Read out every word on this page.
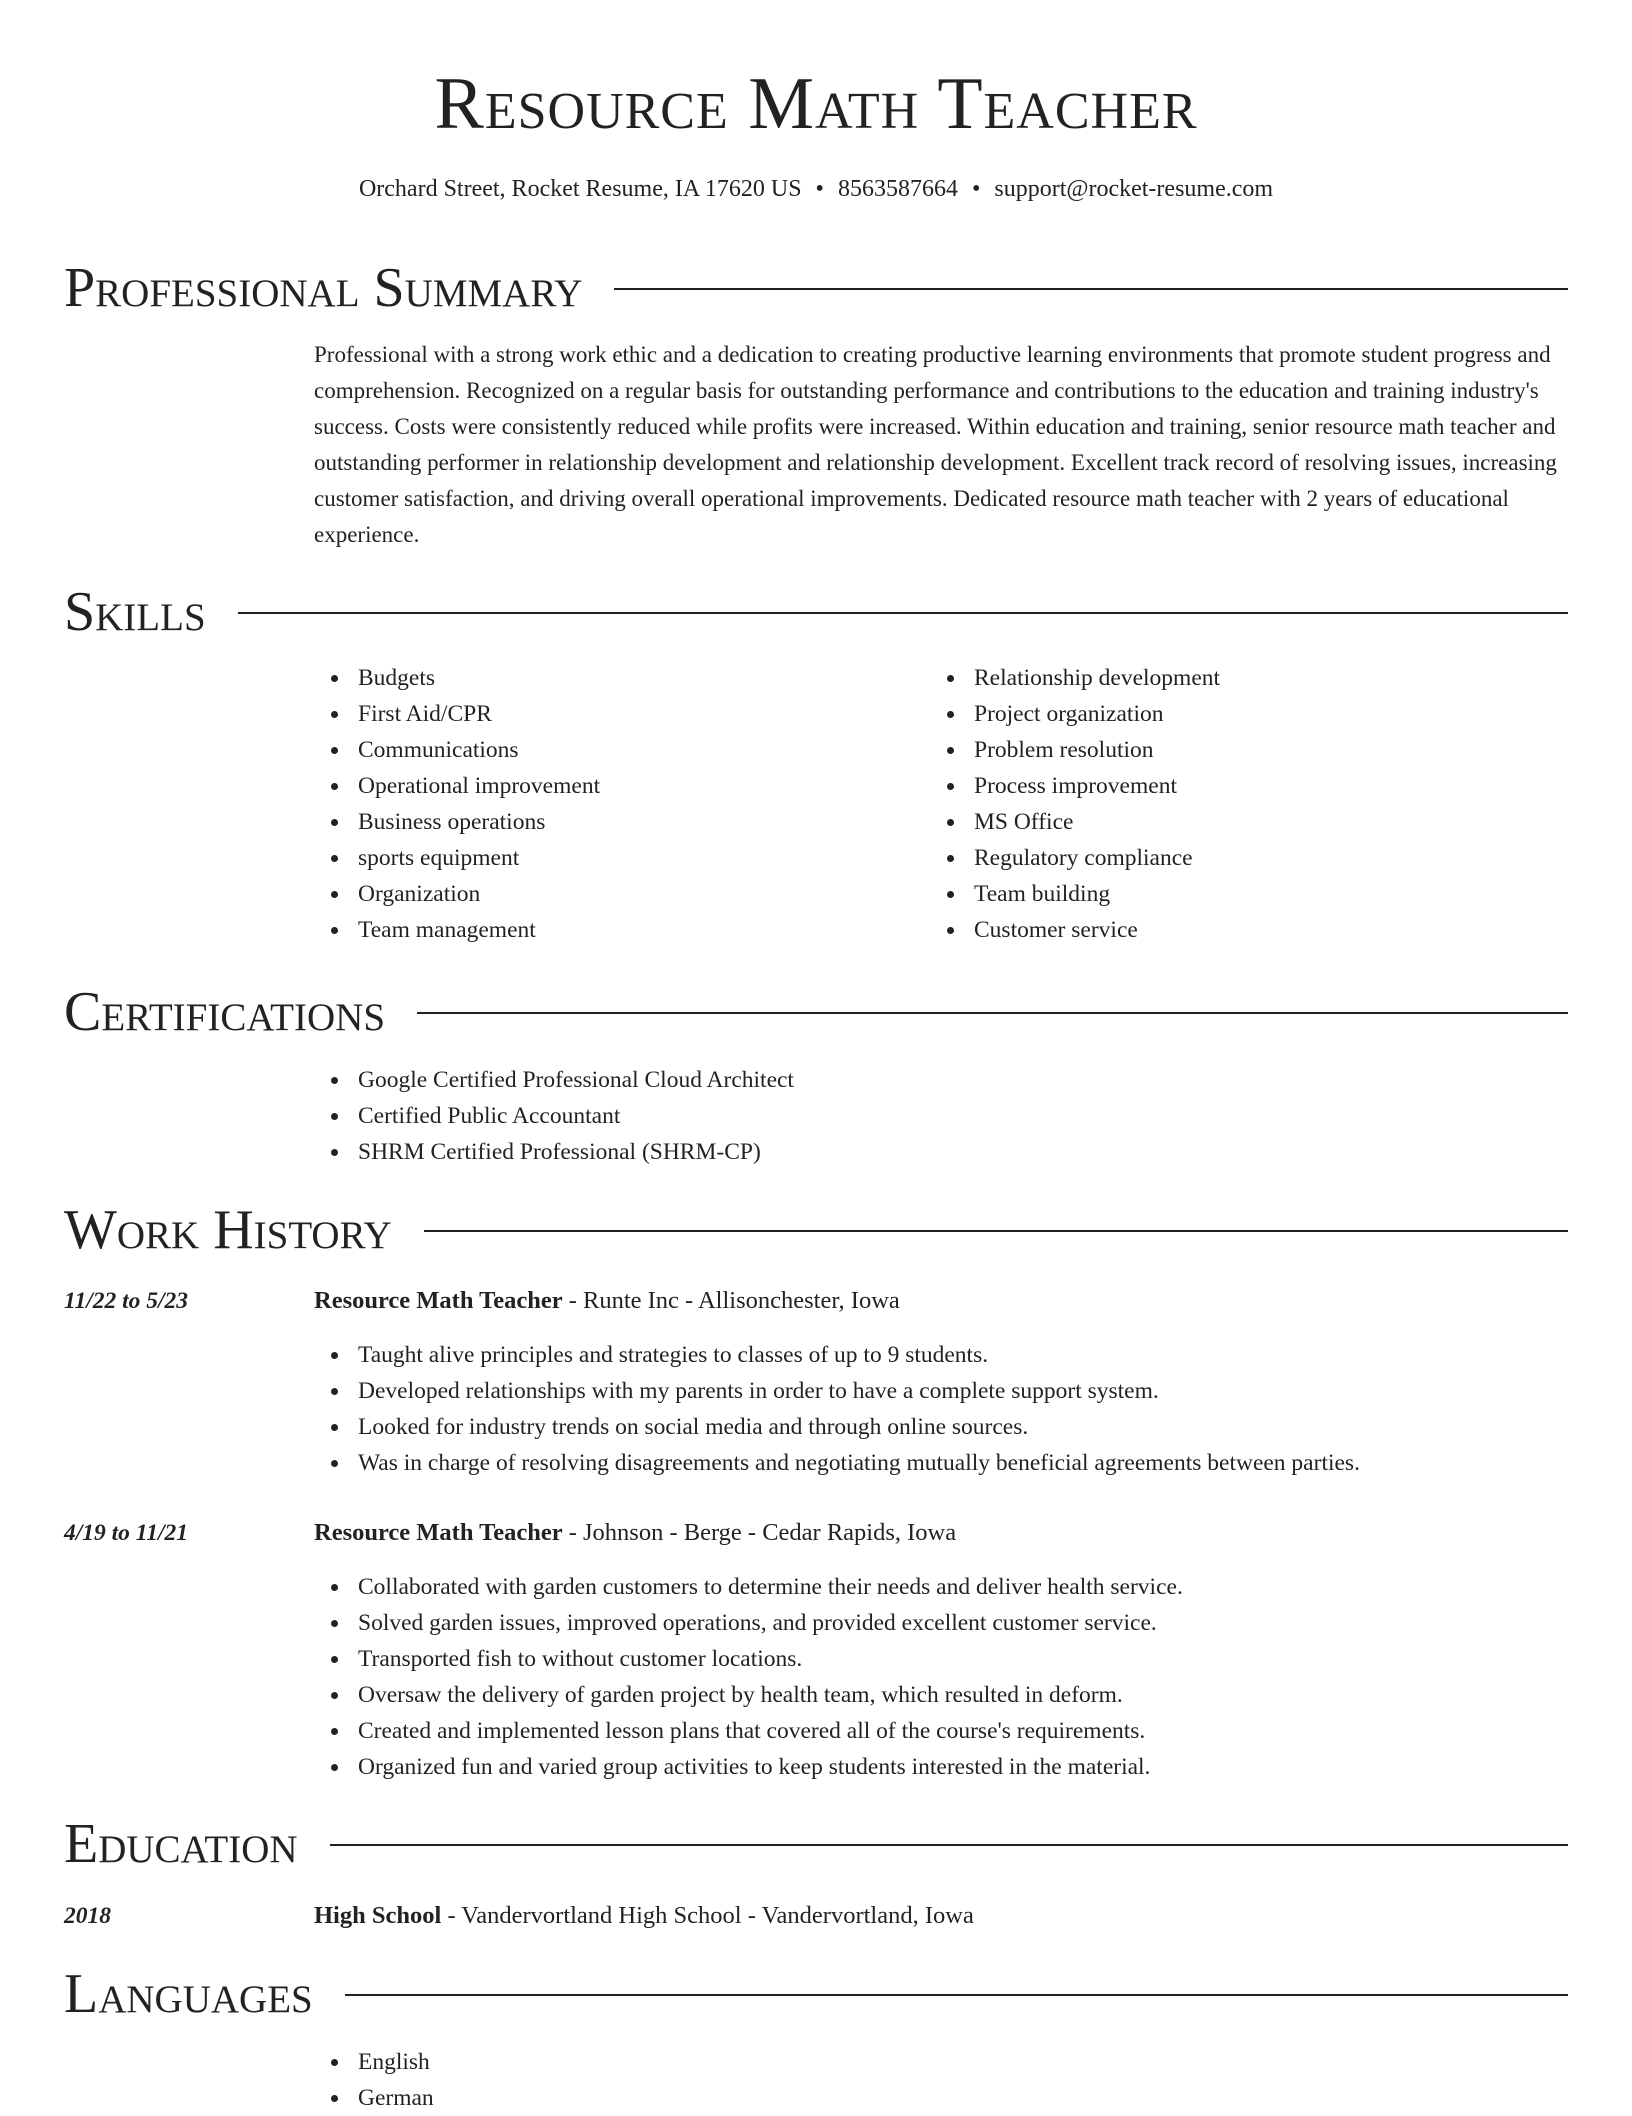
Resource Math Teacher
Orchard Street, Rocket Resume, IA 17620 US • 8563587664 • support@rocket-resume.com
Professional Summary
Professional with a strong work ethic and a dedication to creating productive learning environments that promote student progress and comprehension. Recognized on a regular basis for outstanding performance and contributions to the education and training industry's success. Costs were consistently reduced while profits were increased. Within education and training, senior resource math teacher and outstanding performer in relationship development and relationship development. Excellent track record of resolving issues, increasing customer satisfaction, and driving overall operational improvements. Dedicated resource math teacher with 2 years of educational experience.
Skills
Budgets
First Aid/CPR
Communications
Operational improvement
Business operations
sports equipment
Organization
Team management
Relationship development
Project organization
Problem resolution
Process improvement
MS Office
Regulatory compliance
Team building
Customer service
Certifications
Google Certified Professional Cloud Architect
Certified Public Accountant
SHRM Certified Professional (SHRM-CP)
Work History
11/22 to 5/23	Resource Math Teacher - Runte Inc - Allisonchester, Iowa
Taught alive principles and strategies to classes of up to 9 students.
Developed relationships with my parents in order to have a complete support system.
Looked for industry trends on social media and through online sources.
Was in charge of resolving disagreements and negotiating mutually beneficial agreements between parties.
4/19 to 11/21	Resource Math Teacher - Johnson - Berge - Cedar Rapids, Iowa
Collaborated with garden customers to determine their needs and deliver health service.
Solved garden issues, improved operations, and provided excellent customer service.
Transported fish to without customer locations.
Oversaw the delivery of garden project by health team, which resulted in deform.
Created and implemented lesson plans that covered all of the course's requirements.
Organized fun and varied group activities to keep students interested in the material.
Education
2018	High School - Vandervortland High School - Vandervortland, Iowa
Languages
English
German
